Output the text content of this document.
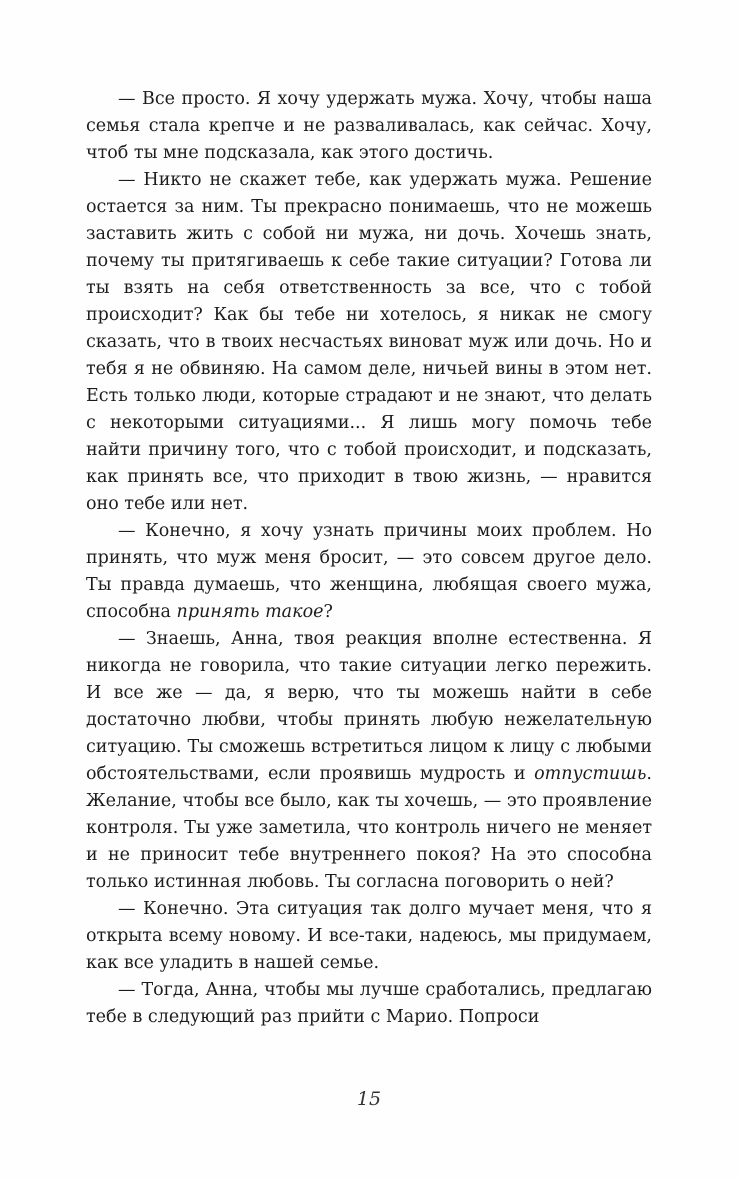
— Все просто. Я хочу удержать мужа. Хочу, чтобы наша семья стала крепче и не разваливалась, как сейчас. Хочу, чтоб ты мне подсказала, как этого достичь.

— Никто не скажет тебе, как удержать мужа. Решение остается за ним. Ты прекрасно понимаешь, что не можешь заставить жить с собой ни мужа, ни дочь. Хочешь знать, почему ты притягиваешь к себе такие ситуации? Готова ли ты взять на себя ответственность за все, что с тобой происходит? Как бы тебе ни хотелось, я никак не смогу сказать, что в твоих несчастьях виноват муж или дочь. Но и тебя я не обвиняю. На самом деле, ничьей вины в этом нет. Есть только люди, которые страдают и не знают, что делать с некоторыми ситуациями... Я лишь могу помочь тебе найти причину того, что с тобой происходит, и подсказать, как принять все, что приходит в твою жизнь, — нравится оно тебе или нет.

— Конечно, я хочу узнать причины моих проблем. Но принять, что муж меня бросит, — это совсем другое дело. Ты правда думаешь, что женщина, любящая своего мужа, способна принять такое?

— Знаешь, Анна, твоя реакция вполне естественна. Я никогда не говорила, что такие ситуации легко пережить. И все же — да, я верю, что ты можешь найти в себе достаточно любви, чтобы принять любую нежелательную ситуацию. Ты сможешь встретиться лицом к лицу с любыми обстоятельствами, если проявишь мудрость и отпустишь. Желание, чтобы все было, как ты хочешь, — это проявление контроля. Ты уже заметила, что контроль ничего не меняет и не приносит тебе внутреннего покоя? На это способна только истинная любовь. Ты согласна поговорить о ней?

— Конечно. Эта ситуация так долго мучает меня, что я открыта всему новому. И все-таки, надеюсь, мы придумаем, как все уладить в нашей семье.

— Тогда, Анна, чтобы мы лучше сработались, предлагаю тебе в следующий раз прийти с Марио. Попроси

15
